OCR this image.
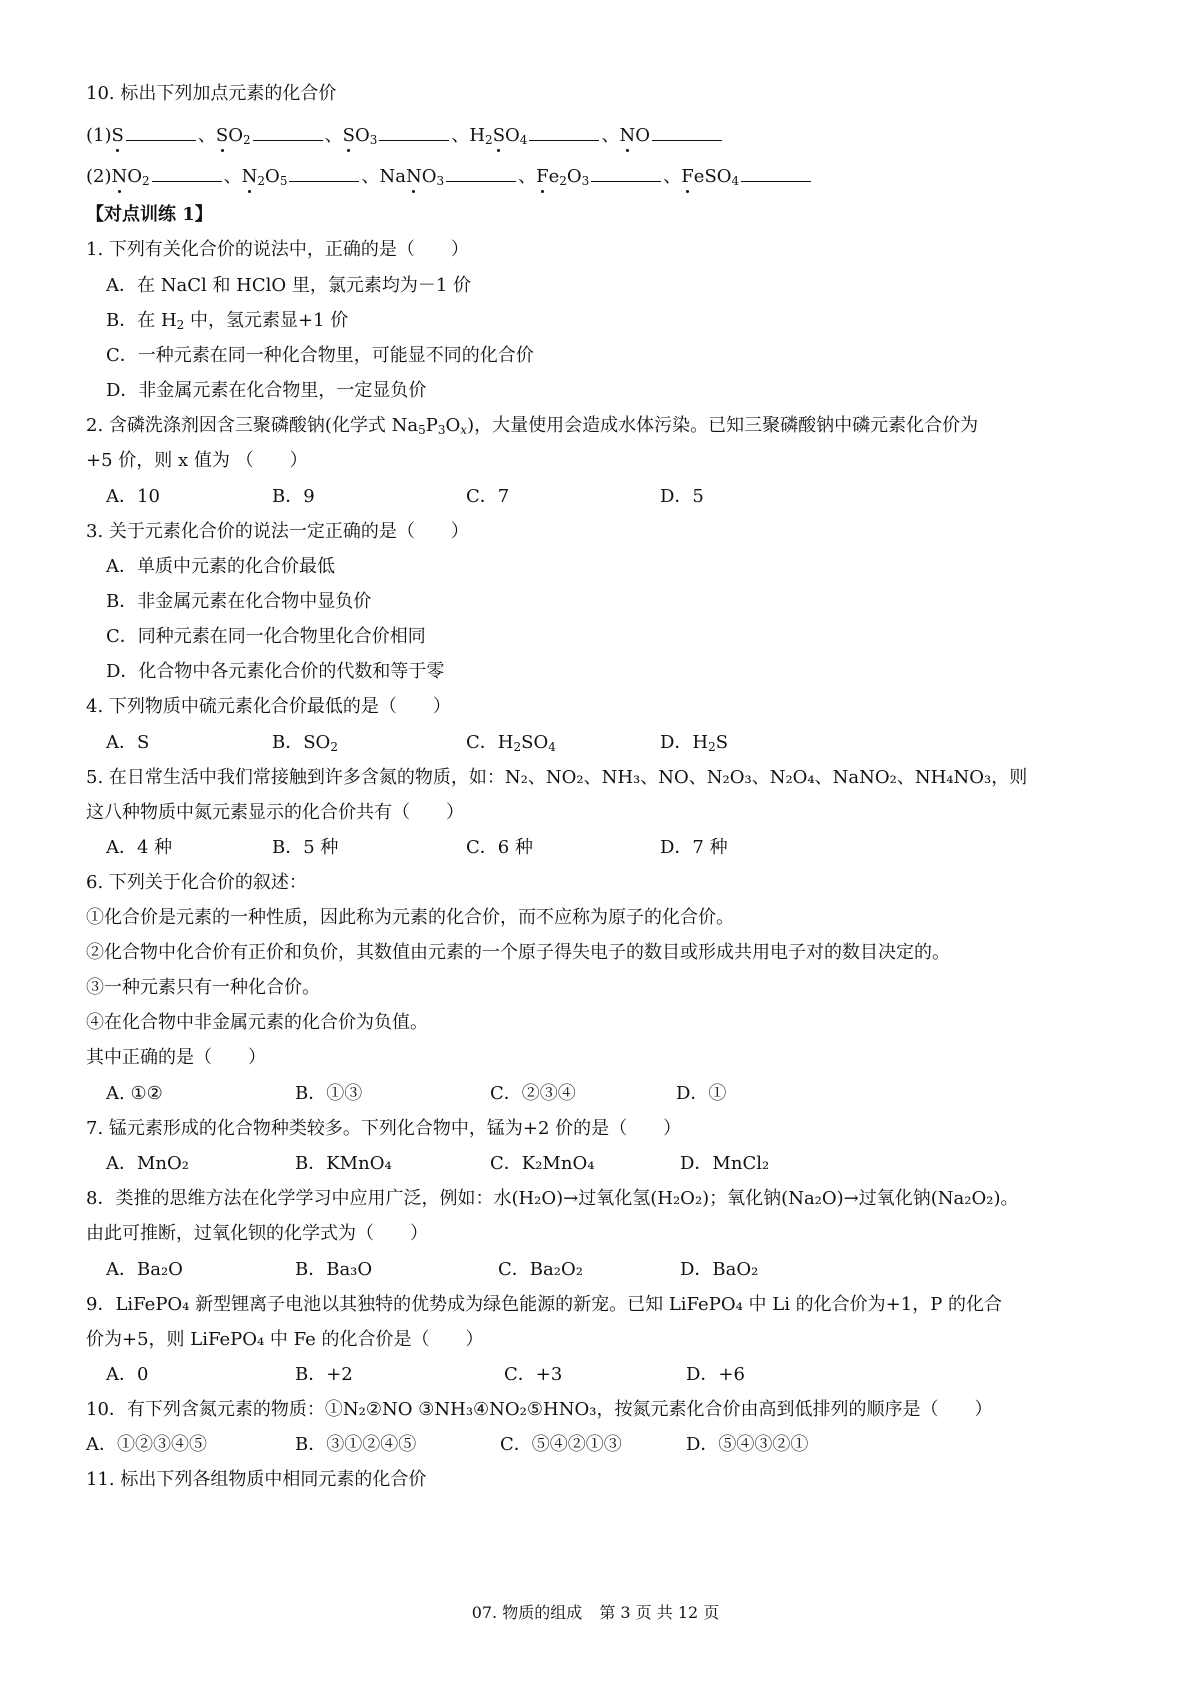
10. 标出下列加点元素的化合价
(1)S	、$SO_2$	、$SO_3$	、$H_2SO_4$	、NO
$(2)NO_2$	、$N_2O_5$	、NaNO$_3$	、$Fe_2O_3$	、FeSO$_4$
【对点训练 1】
1. 下列有关化合价的说法中，正确的是（　　）
A．在 NaCl 和 HClO 里，氯元素均为－1 价
B．在 $H_2$ 中，氢元素显+1 价
C．一种元素在同一种化合物里，可能显不同的化合价
D．非金属元素在化合物里，一定显负价
2. 含磷洗涤剂因含三聚磷酸钠(化学式 $Na_5P_3O_x$)，大量使用会造成水体污染。已知三聚磷酸钠中磷元素化合价为
+5 价，则 x 值为 （　　）
A．10	B．9	C．7	D．5
3. 关于元素化合价的说法一定正确的是（　　）
A．单质中元素的化合价最低
B．非金属元素在化合物中显负价
C．同种元素在同一化合物里化合价相同
D．化合物中各元素化合价的代数和等于零
4. 下列物质中硫元素化合价最低的是（　　）
A．S	B．$SO_2$	C．$H_2SO_4$	D．$H_2S$
5. 在日常生活中我们常接触到许多含氮的物质，如：N₂、NO₂、NH₃、NO、N₂O₃、N₂O₄、NaNO₂、NH₄NO₃，则
这八种物质中氮元素显示的化合价共有（　　）
A．4 种	B．5 种	C．6 种	D．7 种
6. 下列关于化合价的叙述：
①化合价是元素的一种性质，因此称为元素的化合价，而不应称为原子的化合价。
②化合物中化合价有正价和负价，其数值由元素的一个原子得失电子的数目或形成共用电子对的数目决定的。
③一种元素只有一种化合价。
④在化合物中非金属元素的化合价为负值。
其中正确的是（　　）
A. ①②	B．①③	C．②③④	D．①
7. 锰元素形成的化合物种类较多。下列化合物中，锰为+2 价的是（　　）
A．MnO₂	B．KMnO₄	C．K₂MnO₄	D．MnCl₂
8．类推的思维方法在化学学习中应用广泛，例如：水(H₂O)→过氧化氢(H₂O₂)；氧化钠(Na₂O)→过氧化钠(Na₂O₂)。
由此可推断，过氧化钡的化学式为（　　）
A．Ba₂O	B．Ba₃O	C．Ba₂O₂	D．BaO₂
9．LiFePO₄ 新型锂离子电池以其独特的优势成为绿色能源的新宠。已知 LiFePO₄ 中 Li 的化合价为+1，P 的化合
价为+5，则 LiFePO₄ 中 Fe 的化合价是（　　）
A．0	B．+2	C．+3	D．+6
10．有下列含氮元素的物质：①N₂②NO ③NH₃④NO₂⑤HNO₃，按氮元素化合价由高到低排列的顺序是（　　）
A．①②③④⑤	B．③①②④⑤	C．⑤④②①③	D．⑤④③②①
11. 标出下列各组物质中相同元素的化合价
07. 物质的组成 第 3 页 共 12 页
